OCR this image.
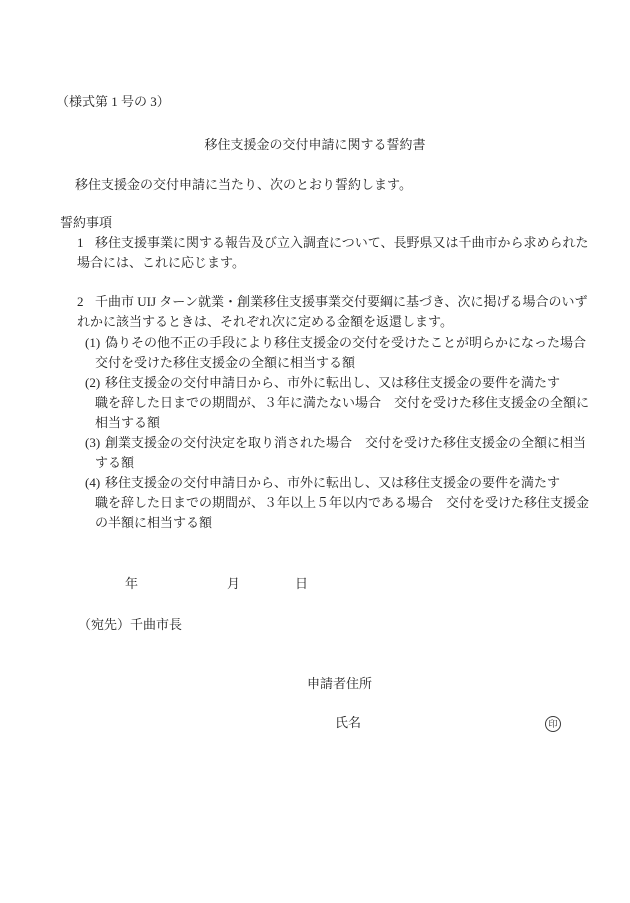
（様式第 1 号の 3）
移住支援金の交付申請に関する誓約書
移住支援金の交付申請に当たり、次のとおり誓約します。
誓約事項
1 移住支援事業に関する報告及び立入調査について、長野県又は千曲市から求められた
場合には、これに応じます。
2 千曲市 UIJ ターン就業・創業移住支援事業交付要綱に基づき、次に掲げる場合のいず
れかに該当するときは、それぞれ次に定める金額を返還します。
(1) 偽りその他不正の手段により移住支援金の交付を受けたことが明らかになった場合
交付を受けた移住支援金の全額に相当する額
(2) 移住支援金の交付申請日から、市外に転出し、又は移住支援金の要件を満たす
職を辞した日までの期間が、３年に満たない場合　交付を受けた移住支援金の全額に
相当する額
(3) 創業支援金の交付決定を取り消された場合　交付を受けた移住支援金の全額に相当
する額
(4) 移住支援金の交付申請日から、市外に転出し、又は移住支援金の要件を満たす
職を辞した日までの期間が、３年以上５年以内である場合　交付を受けた移住支援金
の半額に相当する額
年	月	日
（宛先）千曲市長
申請者住所
氏名	印
